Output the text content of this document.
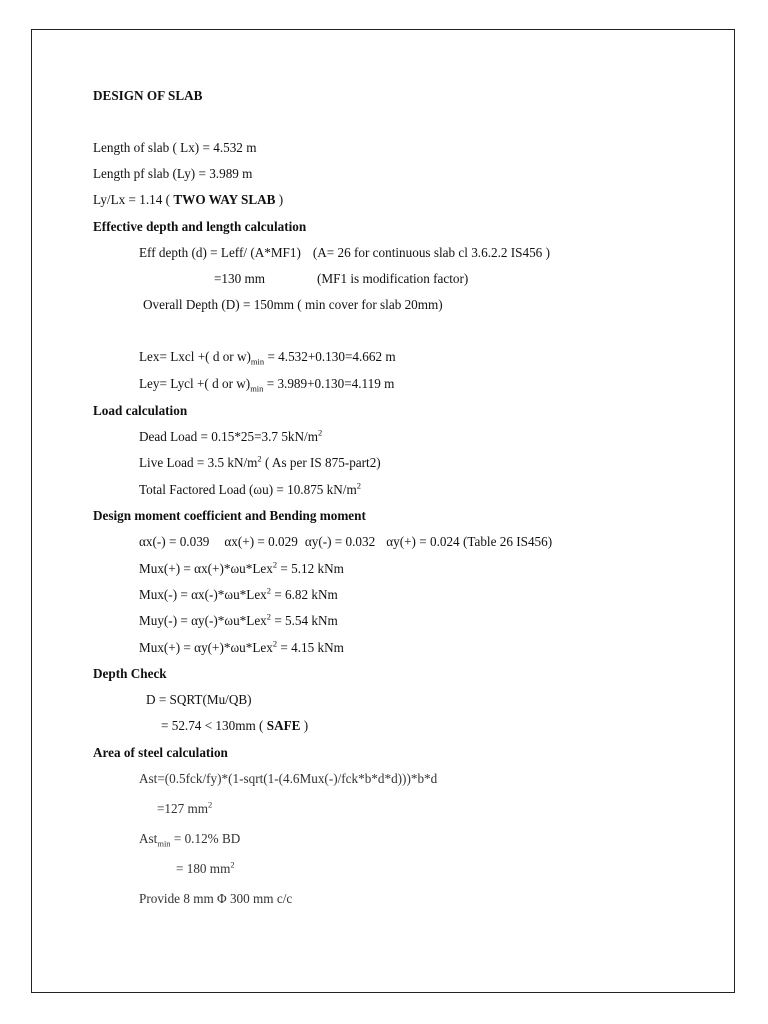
DESIGN OF SLAB
Length of slab ( Lx) = 4.532 m
Length pf slab (Ly) = 3.989 m
Ly/Lx = 1.14 ( TWO WAY SLAB )
Effective depth and length calculation
Eff depth (d) = Leff/ (A*MF1) (A= 26 for continuous slab cl 3.6.2.2 IS456 )
=130 mm	(MF1 is modification factor)
Overall Depth (D) = 150mm ( min cover for slab 20mm)
Lex= Lxcl +( d or $w)_{min} = 4.532+0.130=4.662$ m
Ley= Lycl +( d or $w)_{min} = 3.989+0.130=4.119$ m
Load calculation
Dead Load = 0.15*25=3.7 $5kN/m^2$
Live Load = 3.5 $kN/m^2$ ( As per IS 875-part2)
Total Factored Load (ωu) = 10.875 $kN/m^2$
Design moment coefficient and Bending moment
αx(-) = 0.039 αx(+) = 0.029 αy(-) = 0.032 αy(+) = 0.024 (Table 26 IS456)
Mux(+) = αx(+)*ωu*Lex$^2$ = 5.12 kNm
Mux(-) = αx(-)*ωu*Lex$^2$ = 6.82 kNm
Muy(-) = αy(-)*ωu*Lex$^2$ = 5.54 kNm
Mux(+) = αy(+)*ωu*Lex$^2$ = 4.15 kNm
Depth Check
D = SQRT(Mu/QB)
= 52.74 < 130mm ( SAFE )
Area of steel calculation
Ast=(0.5fck/fy)*(1-sqrt(1-(4.6Mux(-)/fck*b*d*d)))*b*d
=127 $mm^2$
Ast$_{min}$ = 0.12% BD
= 180 $mm^2$
Provide 8 mm Φ 300 mm c/c
